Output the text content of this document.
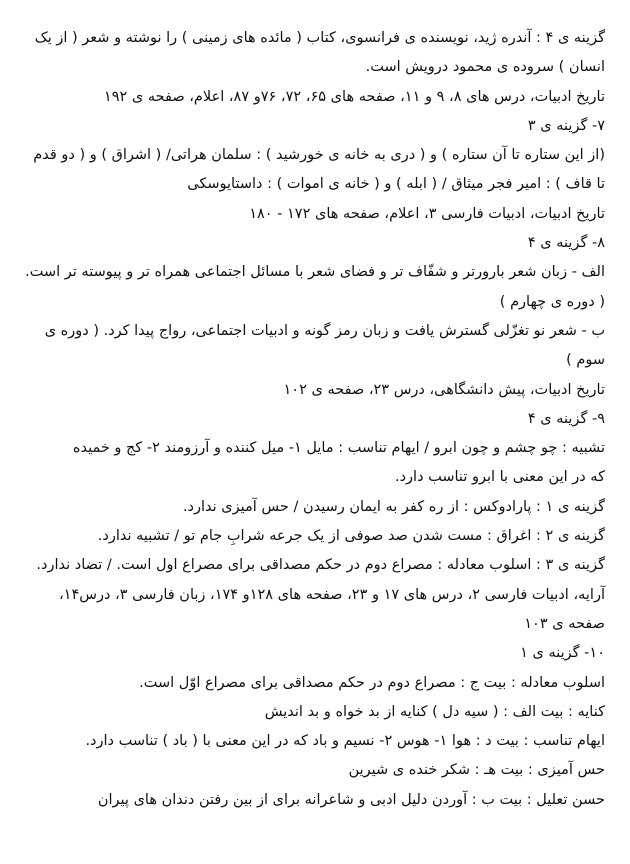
گزینه ی ۴ : آندره ژید، نویسنده ی فرانسوی، کتاب ( مائده های زمینی ) را نوشته و شعر ( از یک
انسان ) سروده ی محمود درویش است.
تاریخ ادبیات، درس های ۸، ۹ و ۱۱، صفحه های ۶۵، ۷۲، ۷۶و ۸۷، اعلام، صفحه ی ۱۹۲
۷- گزینه ی ۳
(از این ستاره تا آن ستاره ) و ( دری به خانه ی خورشید ) : سلمان هراتی/ ( اشراق ) و ( دو قدم
تا قاف ) : امیر فجر میثاق / ( ابله ) و ( خانه ی اموات ) : داستایوسکی
تاریخ ادبیات، ادبیات فارسی ۳، اعلام، صفحه های ۱۷۲ - ۱۸۰
۸- گزینه ی ۴
الف - زبان شعر بارورتر و شفّاف تر و فضای شعر با مسائل اجتماعی همراه تر و پیوسته تر است.
( دوره ی چهارم )
ب - شعر نو تغزّلی گسترش یافت و زبان رمز گونه و ادبیات اجتماعی، رواج پیدا کرد. ( دوره ی
سوم )
تاریخ ادبیات، پیش دانشگاهی، درس ۲۳، صفحه ی ۱۰۲
۹- گزینه ی ۴
تشبیه : چو چشم و چون ابرو / ایهام تناسب : مایل ۱- میل کننده و آرزومند ۲- کج و خمیده
که در این معنی با ابرو تناسب دارد.
گزینه ی ۱ : پارادوکس : از ره کفر به ایمان رسیدن / حس آمیزی ندارد.
گزینه ی ۲ : اغراق : مست شدن صد صوفی از یک جرعه شرابِ جام تو / تشبیه ندارد.
گزینه ی ۳ : اسلوب معادله : مصراع دوم در حکم مصداقی برای مصراع اول است. / تضاد ندارد.
آرایه، ادبیات فارسی ۲، درس های ۱۷ و ۲۳، صفحه های ۱۲۸و ۱۷۴، زبان فارسی ۳، درس۱۴،
صفحه ی ۱۰۳
۱۰- گزینه ی ۱
اسلوب معادله : بیت ج : مصراع دوم در حکم مصداقی برای مصراع اوّل است.
کنایه : بیت الف : ( سیه دل ) کنایه از بد خواه و بد اندیش
ایهام تناسب : بیت د : هوا ۱- هوس ۲- نسیم و باد که در این معنی با ( باد ) تناسب دارد.
حس آمیزی : بیت هـ : شکر خنده ی شیرین
حسن تعلیل : بیت ب : آوردن دلیل ادبی و شاعرانه برای از بین رفتن دندان های پیران
